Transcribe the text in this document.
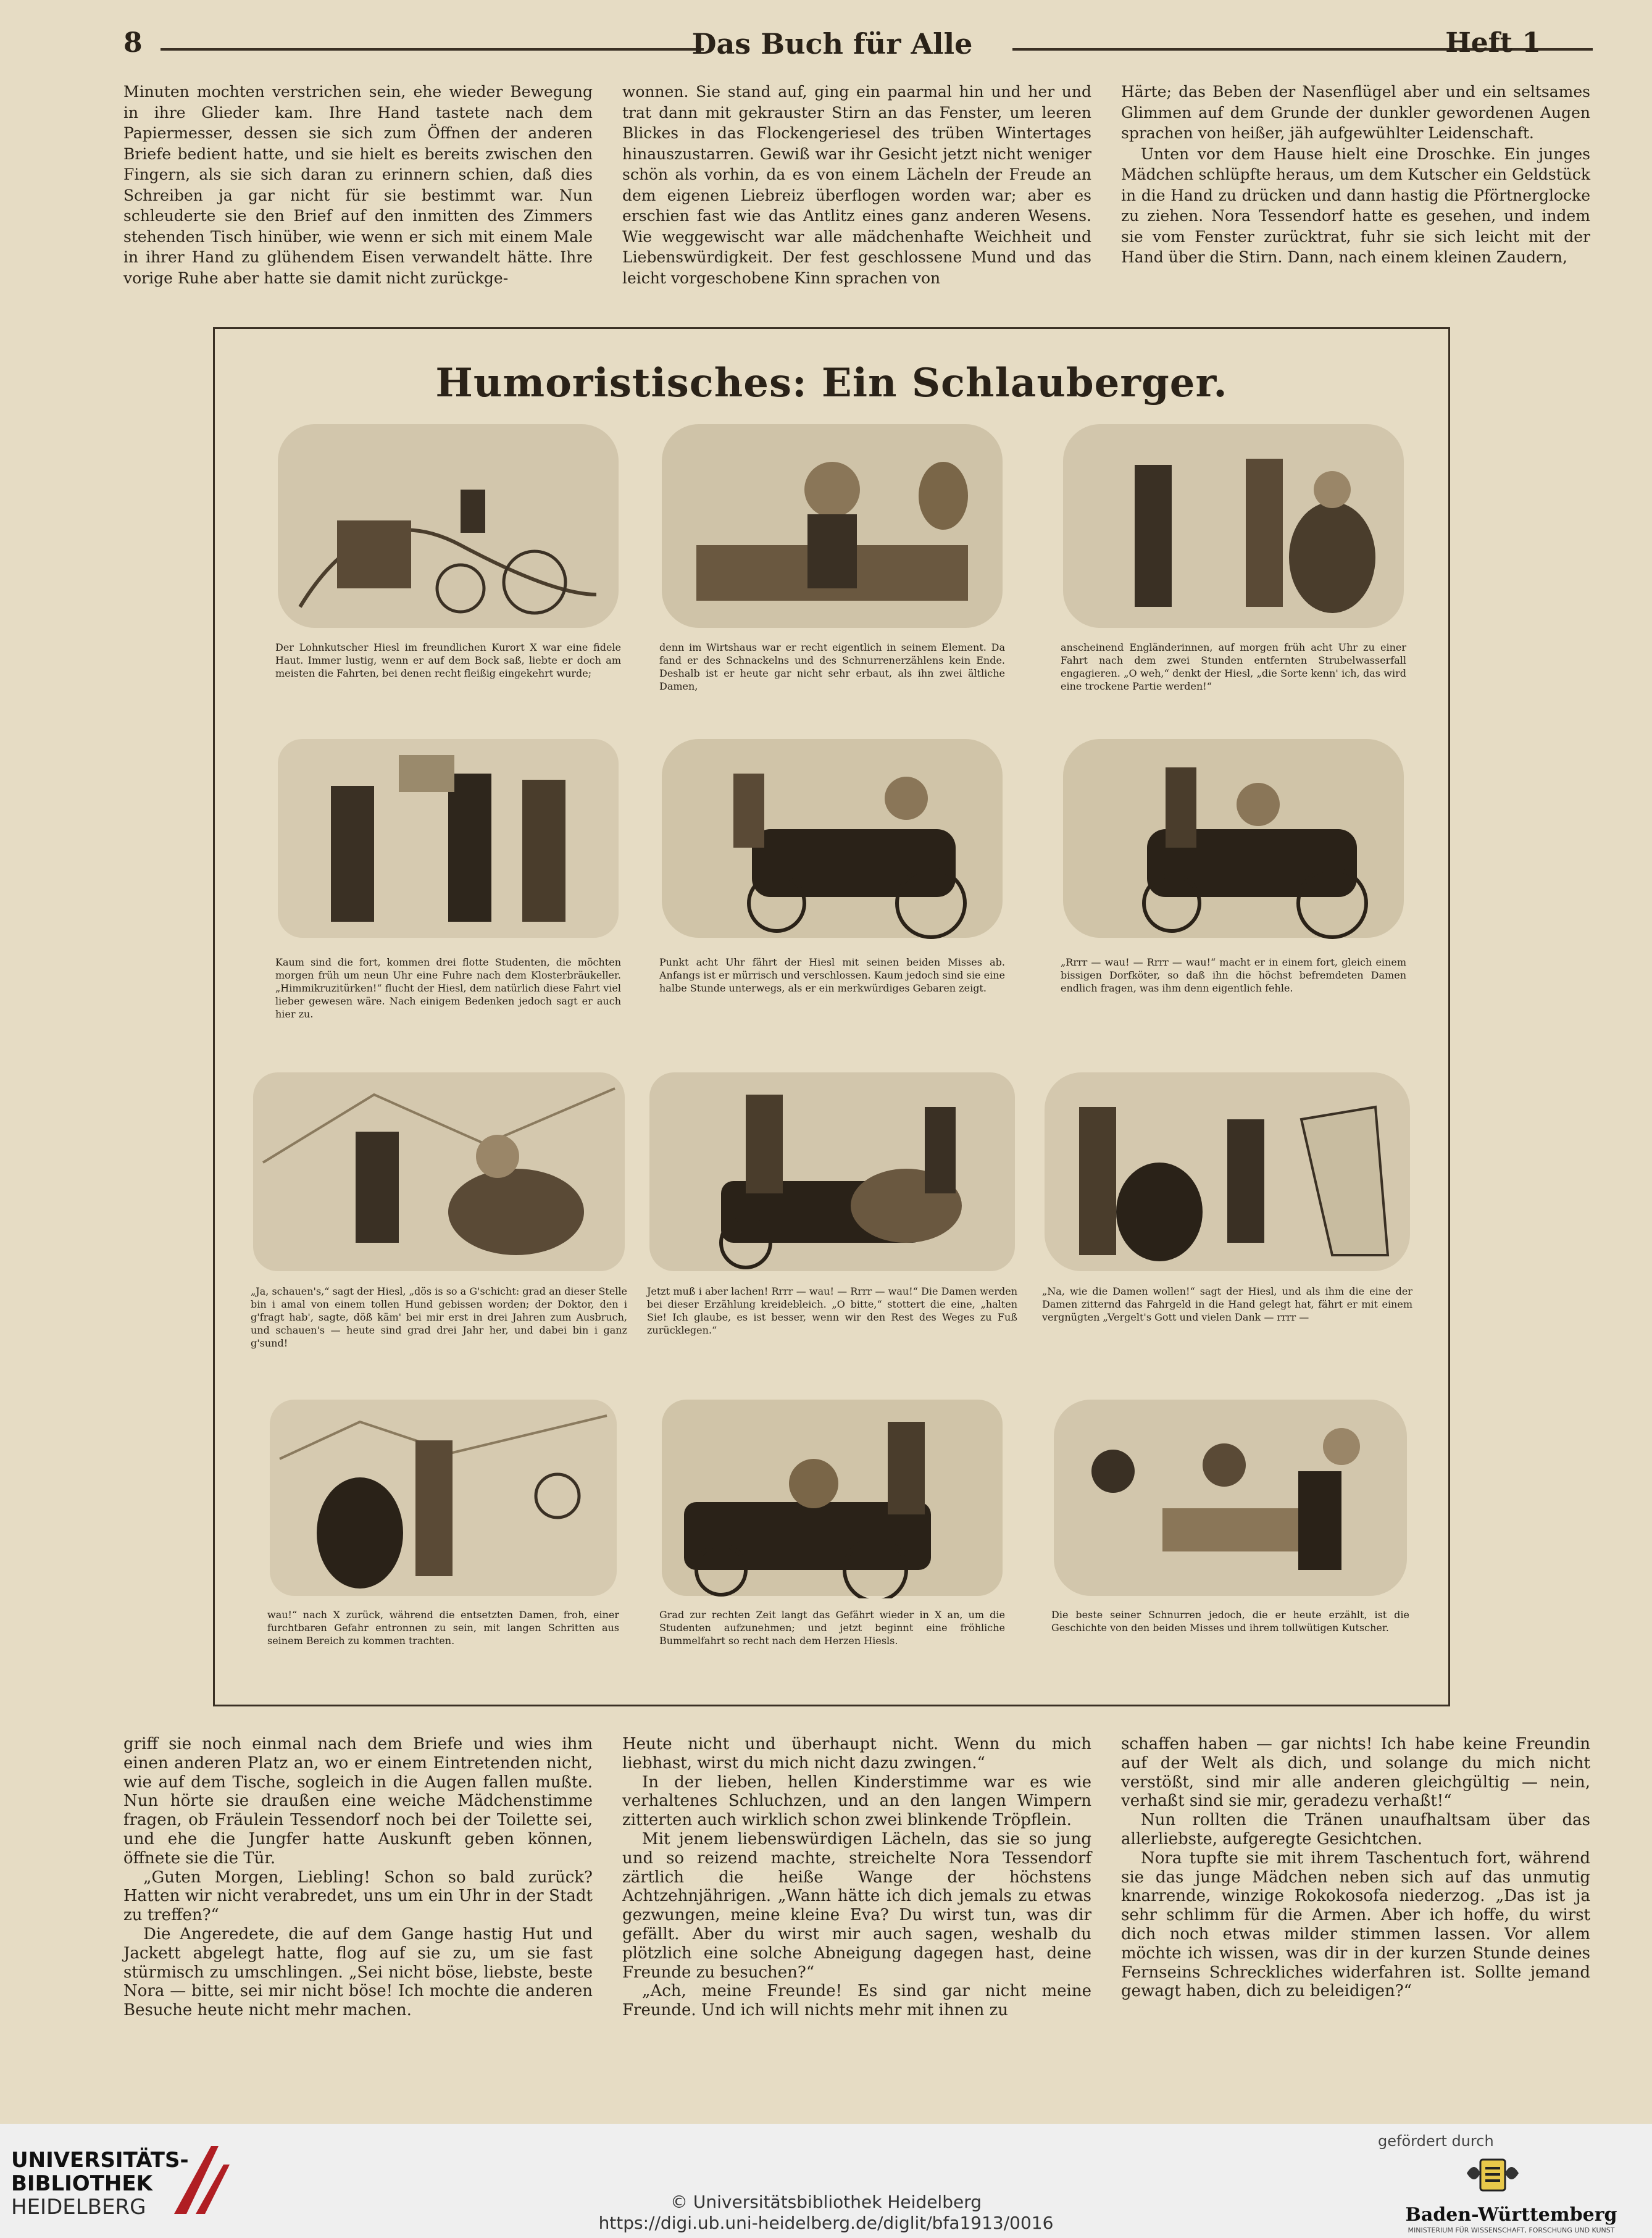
8	Das Buch für Alle	Heft 1

Minuten mochten verstrichen sein, ehe wieder Bewegung in ihre Glieder kam. Ihre Hand tastete nach dem Papiermesser, dessen sie sich zum Öffnen der anderen Briefe bedient hatte, und sie hielt es bereits zwischen den Fingern, als sie sich daran zu erinnern schien, daß dies Schreiben ja gar nicht für sie bestimmt war. Nun schleuderte sie den Brief auf den inmitten des Zimmers stehenden Tisch hinüber, wie wenn er sich mit einem Male in ihrer Hand zu glühendem Eisen verwandelt hätte. Ihre vorige Ruhe aber hatte sie damit nicht zurückge-

wonnen. Sie stand auf, ging ein paarmal hin und her und trat dann mit gekrauster Stirn an das Fenster, um leeren Blickes in das Flockengeriesel des trüben Wintertages hinauszustarren. Gewiß war ihr Gesicht jetzt nicht weniger schön als vorhin, da es von einem Lächeln der Freude an dem eigenen Liebreiz überflogen worden war; aber es erschien fast wie das Antlitz eines ganz anderen Wesens. Wie weggewischt war alle mädchenhafte Weichheit und Liebenswürdigkeit. Der fest geschlossene Mund und das leicht vorgeschobene Kinn sprachen von

Härte; das Beben der Nasenflügel aber und ein seltsames Glimmen auf dem Grunde der dunkler gewordenen Augen sprachen von heißer, jäh aufgewühlter Leidenschaft.

Unten vor dem Hause hielt eine Droschke. Ein junges Mädchen schlüpfte heraus, um dem Kutscher ein Geldstück in die Hand zu drücken und dann hastig die Pförtnerglocke zu ziehen. Nora Tessendorf hatte es gesehen, und indem sie vom Fenster zurücktrat, fuhr sie sich leicht mit der Hand über die Stirn. Dann, nach einem kleinen Zaudern,

Humoristisches: Ein Schlauberger.
Der Lohnkutscher Hiesl im freundlichen Kurort X war eine fidele Haut. Immer lustig, wenn er auf dem Bock saß, liebte er doch am meisten die Fahrten, bei denen recht fleißig eingekehrt wurde;
denn im Wirtshaus war er recht eigentlich in seinem Element. Da fand er des Schnackelns und des Schnurrenerzählens kein Ende. Deshalb ist er heute gar nicht sehr erbaut, als ihn zwei ältliche Damen,
anscheinend Engländerinnen, auf morgen früh acht Uhr zu einer Fahrt nach dem zwei Stunden entfernten Strubelwasserfall engagieren. „O weh,“ denkt der Hiesl, „die Sorte kenn' ich, das wird eine trockene Partie werden!“
Kaum sind die fort, kommen drei flotte Studenten, die möchten morgen früh um neun Uhr eine Fuhre nach dem Klosterbräukeller. „Himmikruzitürken!“ flucht der Hiesl, dem natürlich diese Fahrt viel lieber gewesen wäre. Nach einigem Bedenken jedoch sagt er auch hier zu.
Punkt acht Uhr fährt der Hiesl mit seinen beiden Misses ab. Anfangs ist er mürrisch und verschlossen. Kaum jedoch sind sie eine halbe Stunde unterwegs, als er ein merkwürdiges Gebaren zeigt.
„Rrrr — wau! — Rrrr — wau!“ macht er in einem fort, gleich einem bissigen Dorfköter, so daß ihn die höchst befremdeten Damen endlich fragen, was ihm denn eigentlich fehle.
„Ja, schauen's,“ sagt der Hiesl, „dös is so a G'schicht: grad an dieser Stelle bin i amal von einem tollen Hund gebissen worden; der Doktor, den i g'fragt hab', sagte, döß käm' bei mir erst in drei Jahren zum Ausbruch, und schauen's — heute sind grad drei Jahr her, und dabei bin i ganz g'sund!
Jetzt muß i aber lachen! Rrrr — wau! — Rrrr — wau!“ Die Damen werden bei dieser Erzählung kreidebleich. „O bitte,“ stottert die eine, „halten Sie! Ich glaube, es ist besser, wenn wir den Rest des Weges zu Fuß zurücklegen.“
„Na, wie die Damen wollen!“ sagt der Hiesl, und als ihm die eine der Damen zitternd das Fahrgeld in die Hand gelegt hat, fährt er mit einem vergnügten „Vergelt's Gott und vielen Dank — rrrr —
wau!“ nach X zurück, während die entsetzten Damen, froh, einer furchtbaren Gefahr entronnen zu sein, mit langen Schritten aus seinem Bereich zu kommen trachten.
Grad zur rechten Zeit langt das Gefährt wieder in X an, um die Studenten aufzunehmen; und jetzt beginnt eine fröhliche Bummelfahrt so recht nach dem Herzen Hiesls.
Die beste seiner Schnurren jedoch, die er heute erzählt, ist die Geschichte von den beiden Misses und ihrem tollwütigen Kutscher.

griff sie noch einmal nach dem Briefe und wies ihm einen anderen Platz an, wo er einem Eintretenden nicht, wie auf dem Tische, sogleich in die Augen fallen mußte. Nun hörte sie draußen eine weiche Mädchenstimme fragen, ob Fräulein Tessendorf noch bei der Toilette sei, und ehe die Jungfer hatte Auskunft geben können, öffnete sie die Tür.

„Guten Morgen, Liebling! Schon so bald zurück? Hatten wir nicht verabredet, uns um ein Uhr in der Stadt zu treffen?“

Die Angeredete, die auf dem Gange hastig Hut und Jackett abgelegt hatte, flog auf sie zu, um sie fast stürmisch zu umschlingen. „Sei nicht böse, liebste, beste Nora — bitte, sei mir nicht böse! Ich mochte die anderen Besuche heute nicht mehr machen.

Heute nicht und überhaupt nicht. Wenn du mich liebhast, wirst du mich nicht dazu zwingen.“

In der lieben, hellen Kinderstimme war es wie verhaltenes Schluchzen, und an den langen Wimpern zitterten auch wirklich schon zwei blinkende Tröpflein.

Mit jenem liebenswürdigen Lächeln, das sie so jung und so reizend machte, streichelte Nora Tessendorf zärtlich die heiße Wange der höchstens Achtzehnjährigen. „Wann hätte ich dich jemals zu etwas gezwungen, meine kleine Eva? Du wirst tun, was dir gefällt. Aber du wirst mir auch sagen, weshalb du plötzlich eine solche Abneigung dagegen hast, deine Freunde zu besuchen?“

„Ach, meine Freunde! Es sind gar nicht meine Freunde. Und ich will nichts mehr mit ihnen zu

schaffen haben — gar nichts! Ich habe keine Freundin auf der Welt als dich, und solange du mich nicht verstößt, sind mir alle anderen gleichgültig — nein, verhaßt sind sie mir, geradezu verhaßt!“

Nun rollten die Tränen unaufhaltsam über das allerliebste, aufgeregte Gesichtchen.

Nora tupfte sie mit ihrem Taschentuch fort, während sie das junge Mädchen neben sich auf das unmutig knarrende, winzige Rokokosofa niederzog. „Das ist ja sehr schlimm für die Armen. Aber ich hoffe, du wirst dich noch etwas milder stimmen lassen. Vor allem möchte ich wissen, was dir in der kurzen Stunde deines Fernseins Schreckliches widerfahren ist. Sollte jemand gewagt haben, dich zu beleidigen?“

UNIVERSITÄTS-
BIBLIOTHEK
HEIDELBERG	© Universitätsbibliothek Heidelberg
https://digi.ub.uni-heidelberg.de/diglit/bfa1913/0016
gefördert durch
Baden-Württemberg
MINISTERIUM FÜR WISSENSCHAFT, FORSCHUNG UND KUNST
